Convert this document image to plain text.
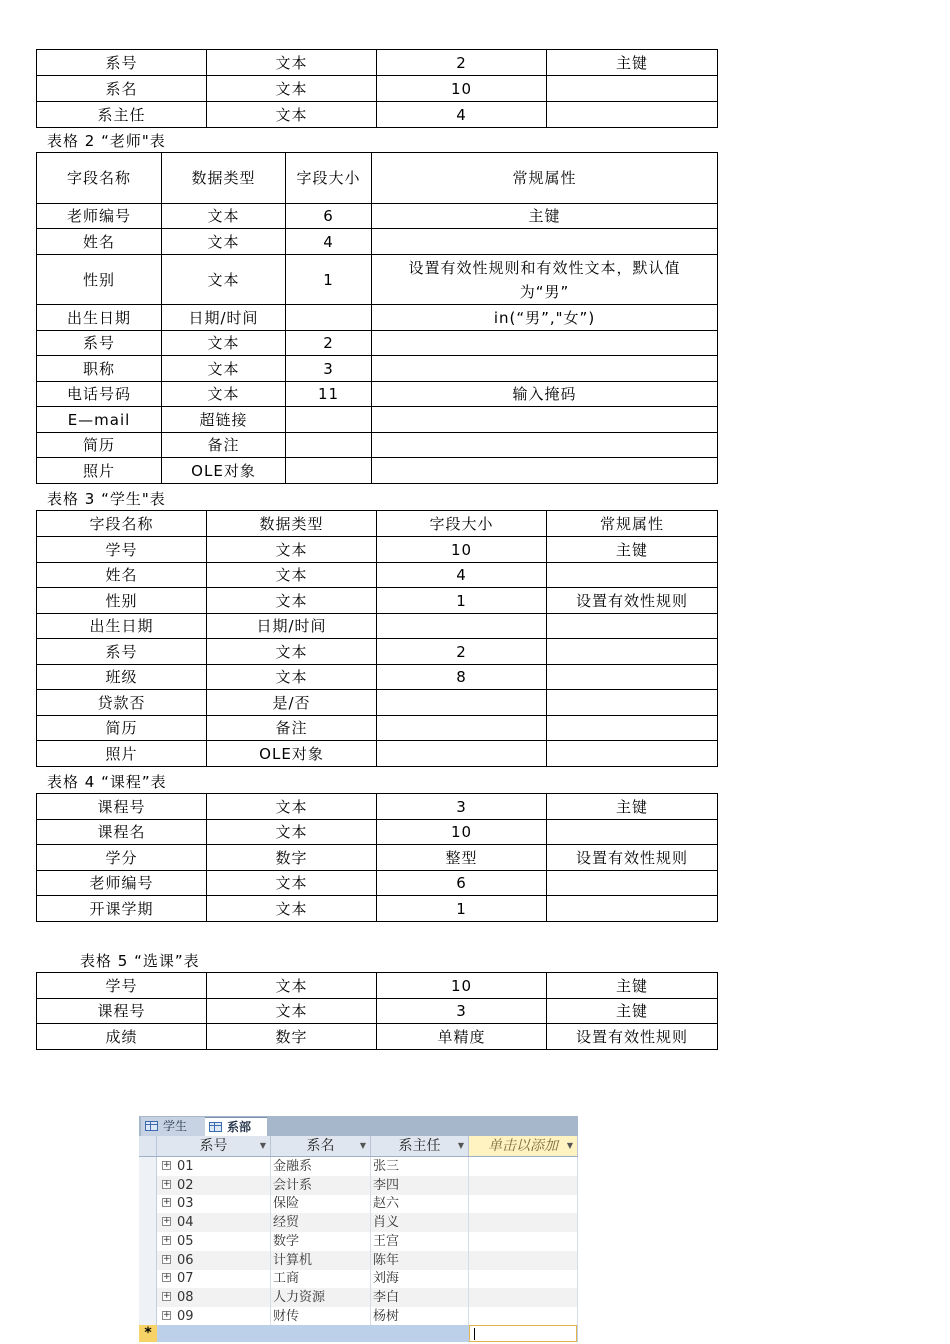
系号	文本	2	主键
系名	文本	10	
系主任	文本	4	
表格 2 “老师"表
字段名称	数据类型	字段大小	常规属性
老师编号	文本	6	主键
姓名	文本	4	
性别	文本	1	设置有效性规则和有效性文本，默认值为“男”
出生日期	日期/时间		in(“男”,"女”)
系号	文本	2	
职称	文本	3	
电话号码	文本	11	输入掩码
E—mail	超链接		
简历	备注		
照片	OLE对象		
表格 3 “学生"表
字段名称	数据类型	字段大小	常规属性
学号	文本	10	主键
姓名	文本	4	
性别	文本	1	设置有效性规则
出生日期	日期/时间		
系号	文本	2	
班级	文本	8	
贷款否	是/否		
简历	备注		
照片	OLE对象		
表格 4 “课程”表
课程号	文本	3	主键
课程名	文本	10	
学分	数字	整型	设置有效性规则
老师编号	文本	6	
开课学期	文本	1	
表格 5 “选课”表
学号	文本	10	主键
课程号	文本	3	主键
成绩	数字	单精度	设置有效性规则
学生	系部
系号	▼	系名	▼	系主任 ▼	单击以添加 ▼
+ 01	金融系	张三
+ 02	会计系	李四
+ 03	保险	赵六
+ 04	经贸	肖义
+ 05	数学	王宫
+ 06	计算机	陈年
+ 07	工商	刘海
+ 08	人力资源	李白
+ 09	财传	杨树
*
